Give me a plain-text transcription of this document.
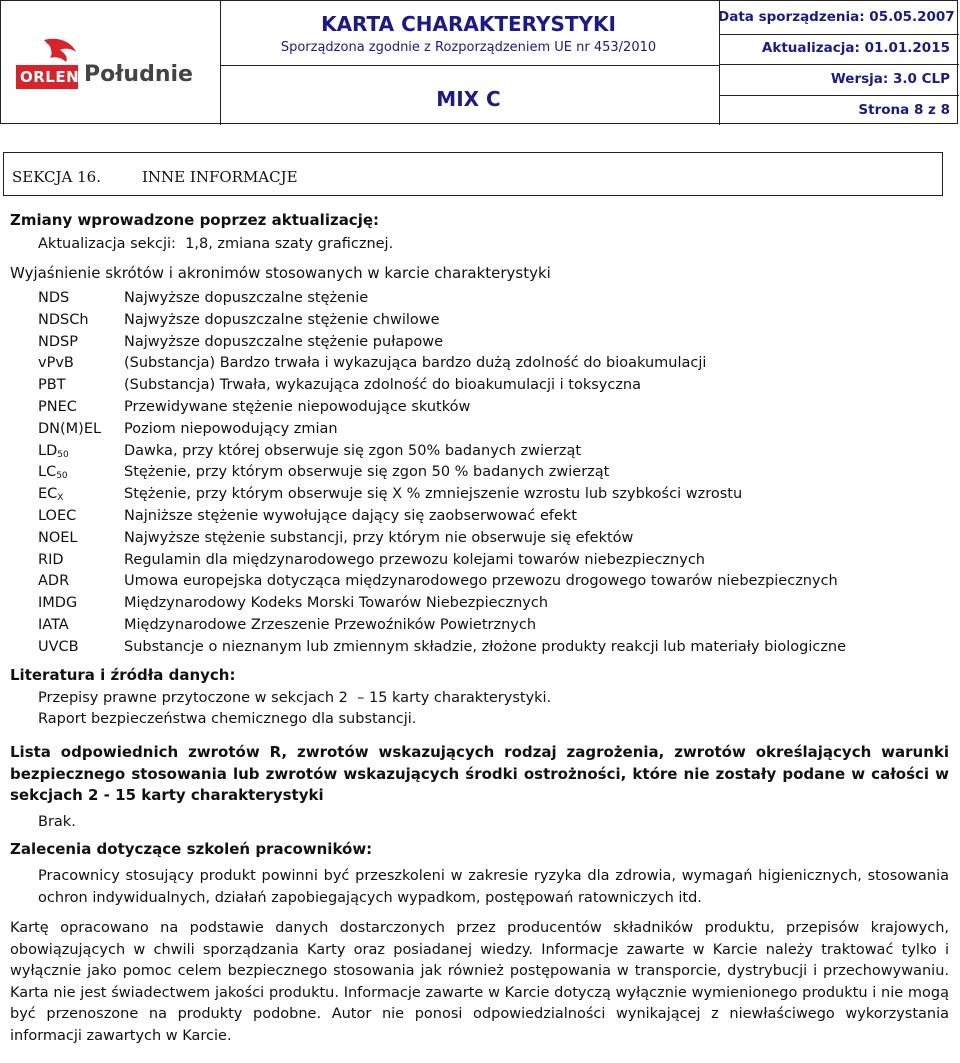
ORLEN Południe
KARTA CHARAKTERYSTYKI
Sporządzona zgodnie z Rozporządzeniem UE nr 453/2010
MIX C
Data sporządzenia: 05.05.2007
Aktualizacja: 01.01.2015
Wersja: 3.0 CLP
Strona 8 z 8
SEKCJA 16.	INNE INFORMACJE
Zmiany wprowadzone poprzez aktualizację:
Aktualizacja sekcji:  1,8, zmiana szaty graficznej.
Wyjaśnienie skrótów i akronimów stosowanych w karcie charakterystyki
NDS	Najwyższe dopuszczalne stężenie
NDSCh Najwyższe dopuszczalne stężenie chwilowe
NDSP	Najwyższe dopuszczalne stężenie pułapowe
vPvB	(Substancja) Bardzo trwała i wykazująca bardzo dużą zdolność do bioakumulacji
PBT	(Substancja) Trwała, wykazująca zdolność do bioakumulacji i toksyczna
PNEC	Przewidywane stężenie niepowodujące skutków
DN(M)EL Poziom niepowodujący zmian
$LD_{50}$	Dawka, przy której obserwuje się zgon 50% badanych zwierząt
$LC_{50}$	Stężenie, przy którym obserwuje się zgon 50 % badanych zwierząt
$EC_X$	Stężenie, przy którym obserwuje się X % zmniejszenie wzrostu lub szybkości wzrostu
LOEC	Najniższe stężenie wywołujące dający się zaobserwować efekt
NOEL	Najwyższe stężenie substancji, przy którym nie obserwuje się efektów
RID	Regulamin dla międzynarodowego przewozu kolejami towarów niebezpiecznych
ADR	Umowa europejska dotycząca międzynarodowego przewozu drogowego towarów niebezpiecznych
IMDG	Międzynarodowy Kodeks Morski Towarów Niebezpiecznych
IATA	Międzynarodowe Zrzeszenie Przewoźników Powietrznych
UVCB	Substancje o nieznanym lub zmiennym składzie, złożone produkty reakcji lub materiały biologiczne
Literatura i źródła danych:
Przepisy prawne przytoczone w sekcjach 2  – 15 karty charakterystyki.
Raport bezpieczeństwa chemicznego dla substancji.
Lista odpowiednich zwrotów R, zwrotów wskazujących rodzaj zagrożenia, zwrotów określających warunki bezpiecznego stosowania lub zwrotów wskazujących środki ostrożności, które nie zostały podane w całości w sekcjach 2 - 15 karty charakterystyki
Brak.
Zalecenia dotyczące szkoleń pracowników:
Pracownicy stosujący produkt powinni być przeszkoleni w zakresie ryzyka dla zdrowia, wymagań higienicznych, stosowania ochron indywidualnych, działań zapobiegających wypadkom, postępowań ratowniczych itd.
Kartę opracowano na podstawie danych dostarczonych przez producentów składników produktu, przepisów krajowych, obowiązujących w chwili sporządzania Karty oraz posiadanej wiedzy. Informacje zawarte w Karcie należy traktować tylko i wyłącznie jako pomoc celem bezpiecznego stosowania jak również postępowania w transporcie, dystrybucji i przechowywaniu. Karta nie jest świadectwem jakości produktu. Informacje zawarte w Karcie dotyczą wyłącznie wymienionego produktu i nie mogą być przenoszone na produkty podobne. Autor nie ponosi odpowiedzialności wynikającej z niewłaściwego wykorzystania informacji zawartych w Karcie.
